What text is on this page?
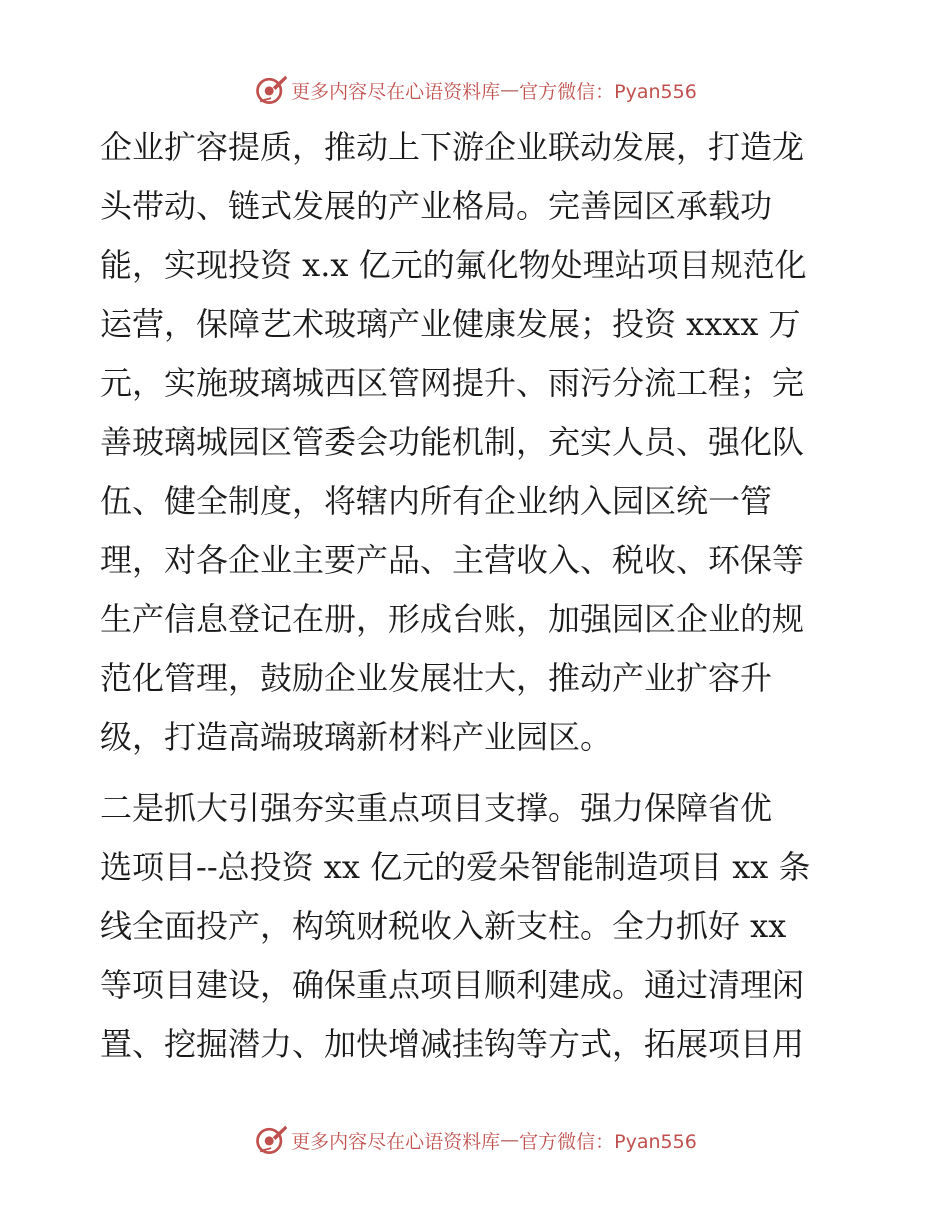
更多内容尽在心语资料库 — 官方微信：Pyan556
企业扩容提质，推动上下游企业联动发展，打造龙
头带动、链式发展的产业格局。完善园区承载功
能，实现投资 x.x 亿元的氟化物处理站项目规范化
运营，保障艺术玻璃产业健康发展；投资 xxxx 万
元，实施玻璃城西区管网提升、雨污分流工程；完
善玻璃城园区管委会功能机制，充实人员、强化队
伍、健全制度，将辖内所有企业纳入园区统一管
理，对各企业主要产品、主营收入、税收、环保等
生产信息登记在册，形成台账，加强园区企业的规
范化管理，鼓励企业发展壮大，推动产业扩容升
级，打造高端玻璃新材料产业园区。
二是抓大引强夯实重点项目支撑。强力保障省优
选项目--总投资 xx 亿元的爱朵智能制造项目 xx 条
线全面投产，构筑财税收入新支柱。全力抓好 xx
等项目建设，确保重点项目顺利建成。通过清理闲
置、挖掘潜力、加快增减挂钩等方式，拓展项目用
更多内容尽在心语资料库 — 官方微信：Pyan556
